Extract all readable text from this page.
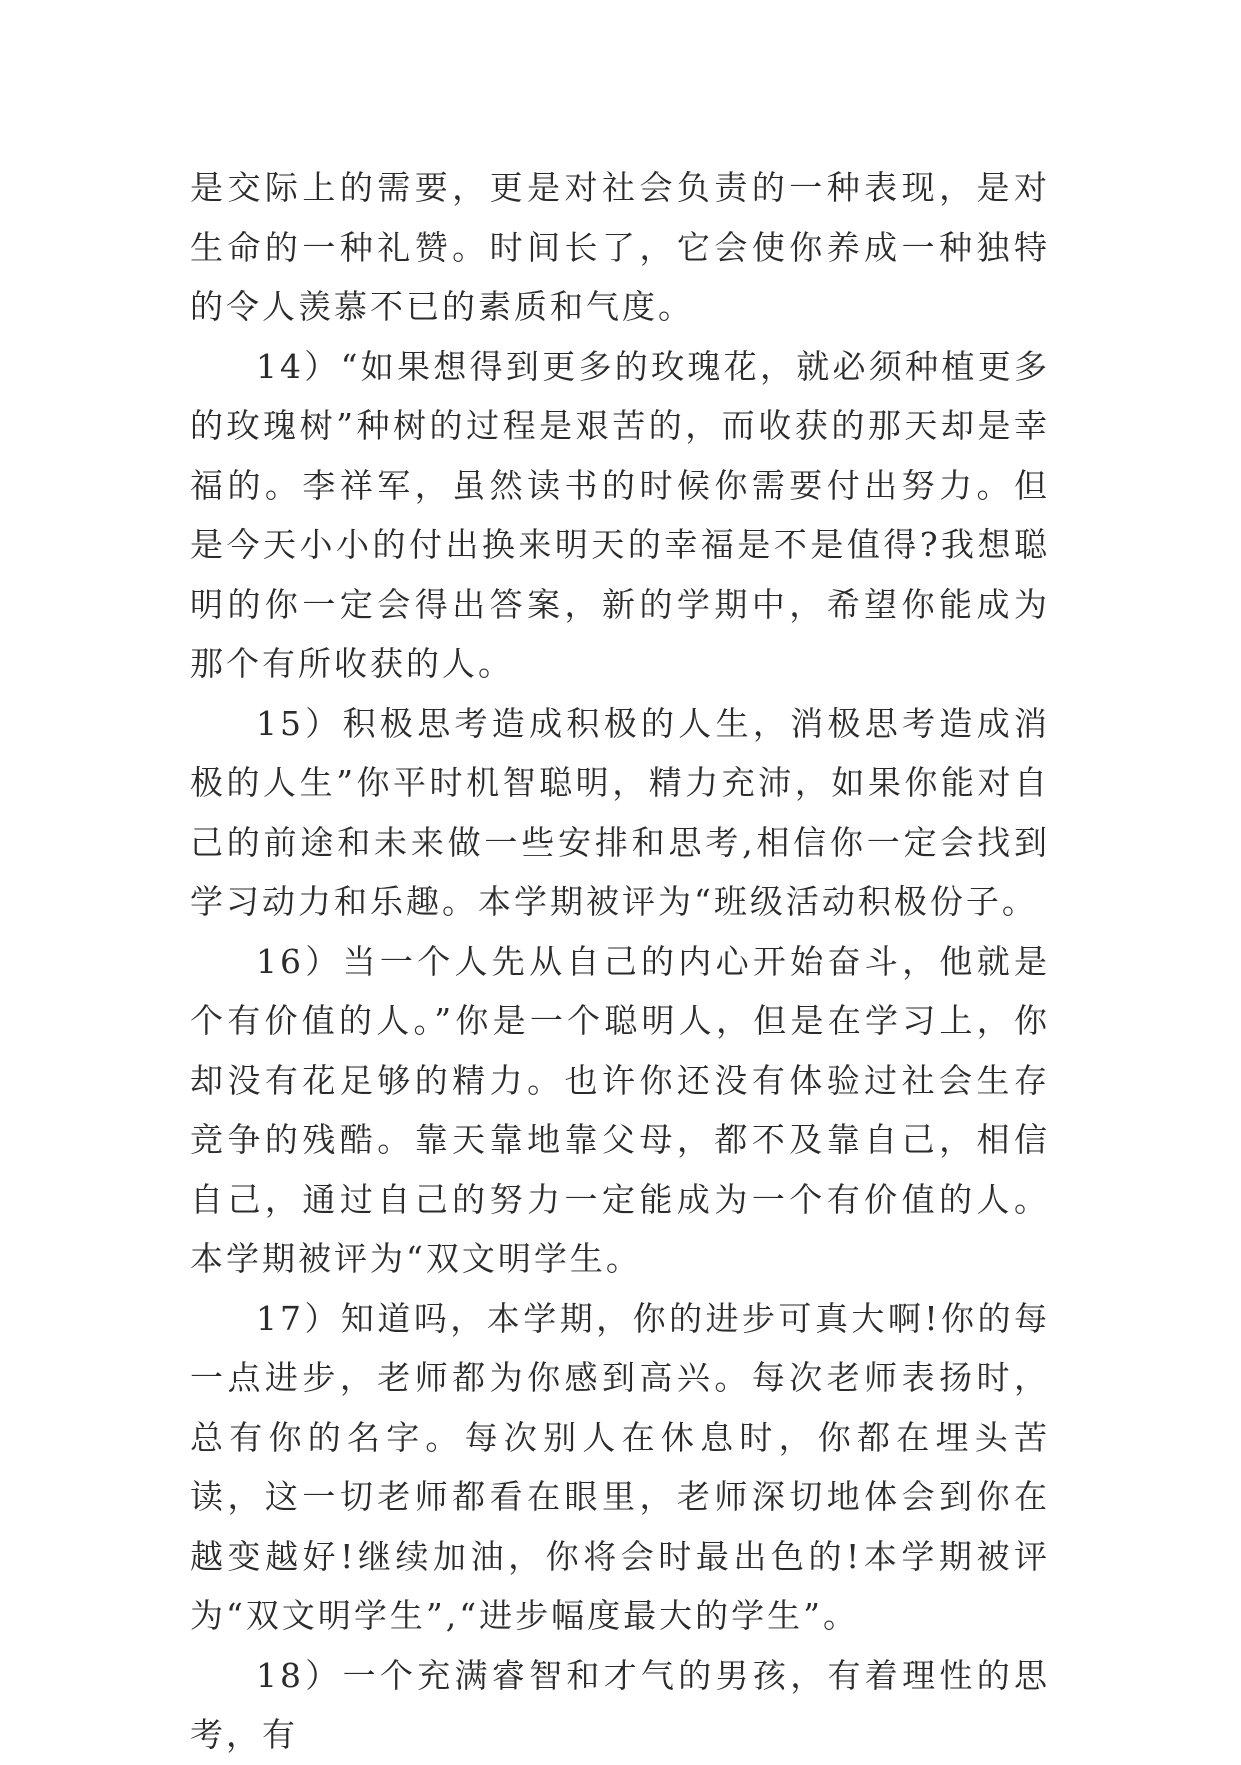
是交际上的需要，更是对社会负责的一种表现，是对生命的一种礼赞。时间长了，它会使你养成一种独特的令人羡慕不已的素质和气度。

14）“如果想得到更多的玫瑰花，就必须种植更多的玫瑰树”种树的过程是艰苦的，而收获的那天却是幸福的。李祥军，虽然读书的时候你需要付出努力。但是今天小小的付出换来明天的幸福是不是值得?我想聪明的你一定会得出答案，新的学期中，希望你能成为那个有所收获的人。

15）积极思考造成积极的人生，消极思考造成消极的人生”你平时机智聪明，精力充沛，如果你能对自己的前途和未来做一些安排和思考,相信你一定会找到学习动力和乐趣。本学期被评为“班级活动积极份子。

16）当一个人先从自己的内心开始奋斗，他就是个有价值的人。”你是一个聪明人，但是在学习上，你却没有花足够的精力。也许你还没有体验过社会生存竞争的残酷。靠天靠地靠父母，都不及靠自己，相信自己，通过自己的努力一定能成为一个有价值的人。本学期被评为“双文明学生。

17）知道吗，本学期，你的进步可真大啊!你的每一点进步，老师都为你感到高兴。每次老师表扬时，总有你的名字。每次别人在休息时，你都在埋头苦读，这一切老师都看在眼里，老师深切地体会到你在越变越好!继续加油，你将会时最出色的!本学期被评为“双文明学生”,“进步幅度最大的学生”。

18）一个充满睿智和才气的男孩，有着理性的思考，有
